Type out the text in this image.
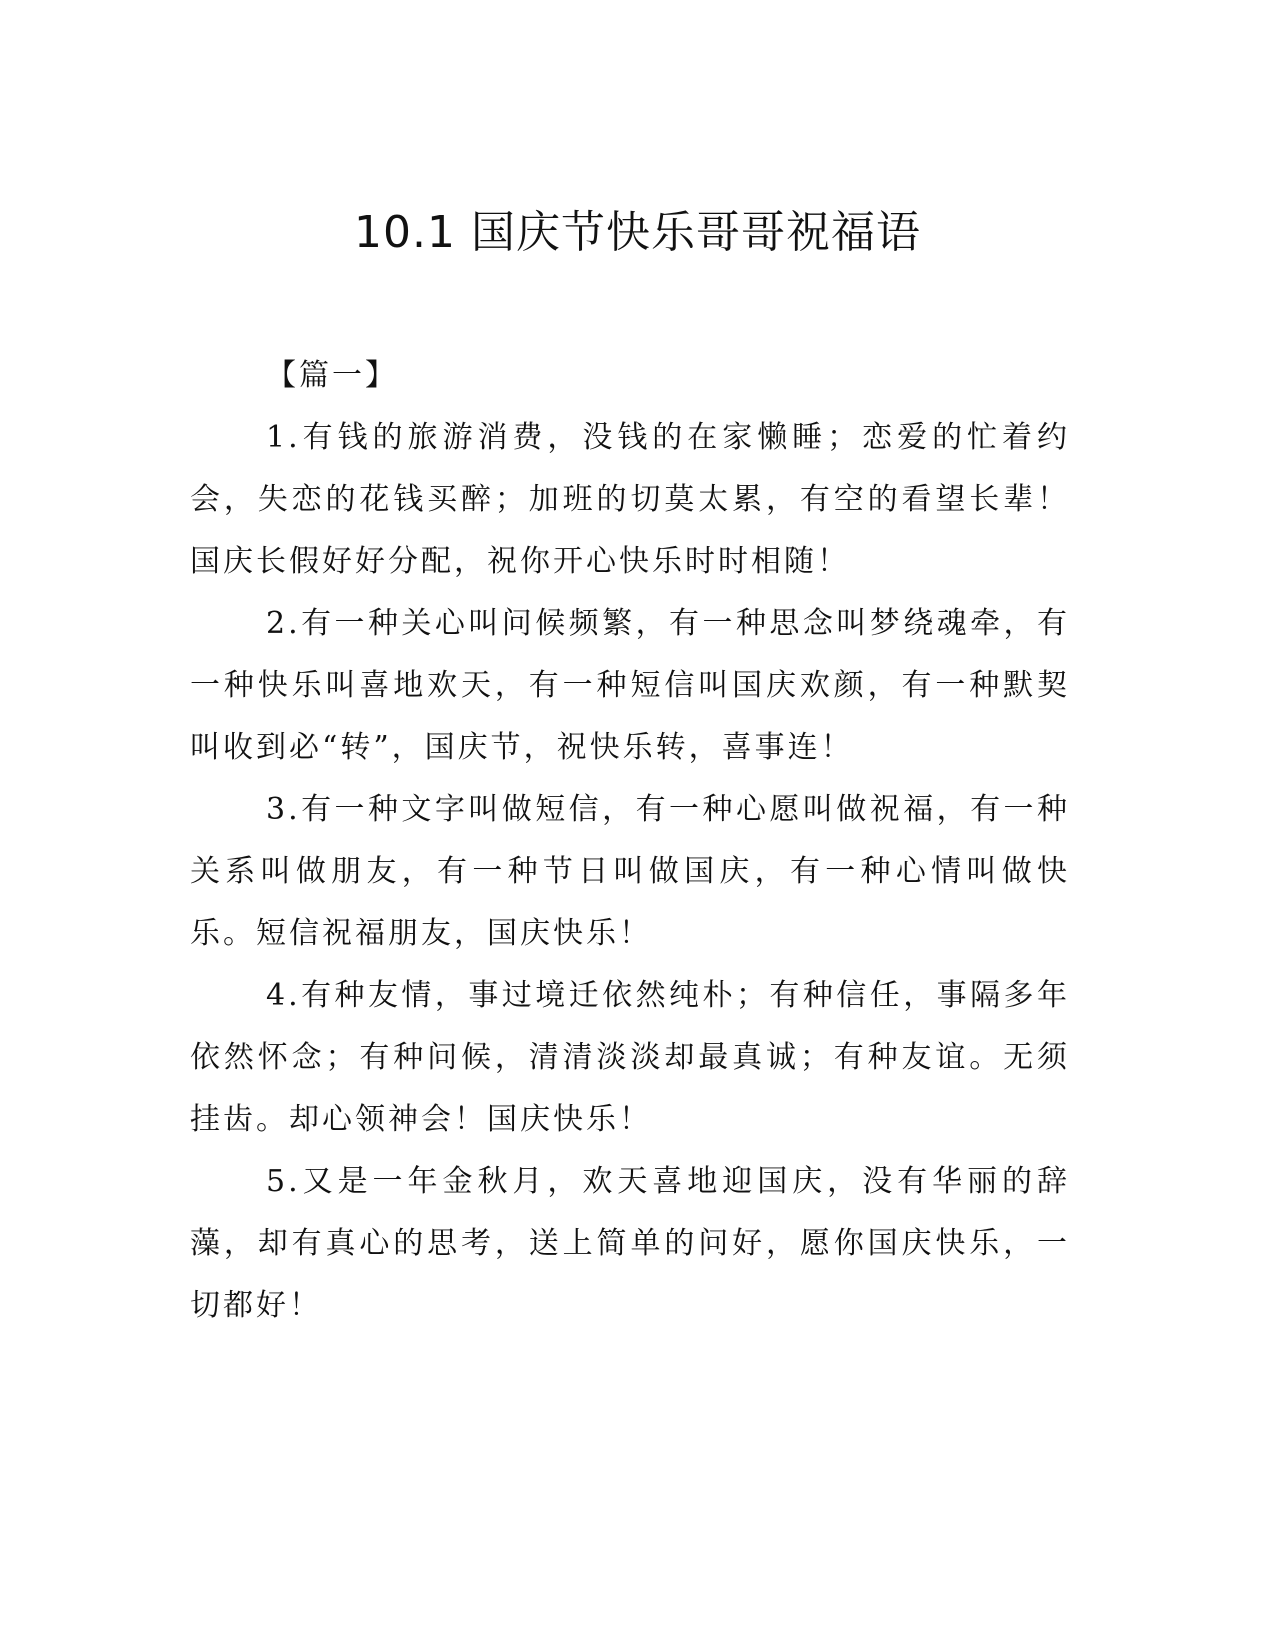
10.1 国庆节快乐哥哥祝福语

【篇一】

1.有钱的旅游消费，没钱的在家懒睡；恋爱的忙着约会，失恋的花钱买醉；加班的切莫太累，有空的看望长辈！国庆长假好好分配，祝你开心快乐时时相随！

2.有一种关心叫问候频繁，有一种思念叫梦绕魂牵，有一种快乐叫喜地欢天，有一种短信叫国庆欢颜，有一种默契叫收到必“转”，国庆节，祝快乐转，喜事连！

3.有一种文字叫做短信，有一种心愿叫做祝福，有一种关系叫做朋友，有一种节日叫做国庆，有一种心情叫做快乐。短信祝福朋友，国庆快乐！

4.有种友情，事过境迁依然纯朴；有种信任，事隔多年依然怀念；有种问候，清清淡淡却最真诚；有种友谊。无须挂齿。却心领神会！国庆快乐！

5.又是一年金秋月，欢天喜地迎国庆，没有华丽的辞藻，却有真心的思考，送上简单的问好，愿你国庆快乐，一切都好！
